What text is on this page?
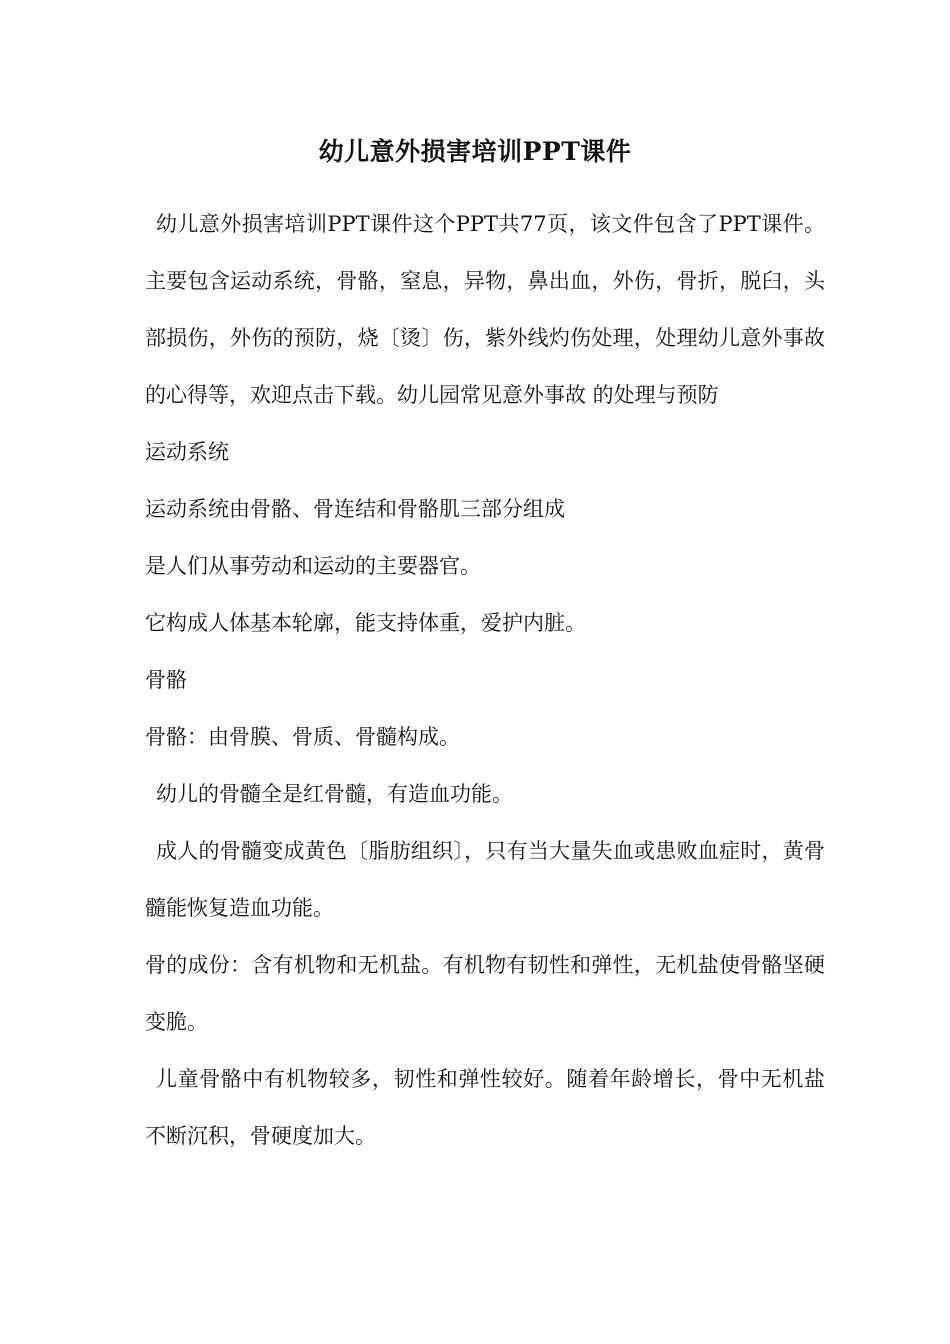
幼儿意外损害培训PPT课件

幼儿意外损害培训PPT课件这个PPT共77页，该文件包含了PPT课件。主要包含运动系统，骨骼，窒息，异物，鼻出血，外伤，骨折，脱臼，头部损伤，外伤的预防，烧〔烫〕伤，紫外线灼伤处理，处理幼儿意外事故的心得等，欢迎点击下载。幼儿园常见意外事故 的处理与预防

运动系统

运动系统由骨骼、骨连结和骨骼肌三部分组成

是人们从事劳动和运动的主要器官。

它构成人体基本轮廓，能支持体重，爱护内脏。

骨骼

骨骼：由骨膜、骨质、骨髓构成。

幼儿的骨髓全是红骨髓，有造血功能。

成人的骨髓变成黄色〔脂肪组织〕，只有当大量失血或患败血症时，黄骨髓能恢复造血功能。

骨的成份：含有机物和无机盐。有机物有韧性和弹性，无机盐使骨骼坚硬变脆。

儿童骨骼中有机物较多，韧性和弹性较好。随着年龄增长，骨中无机盐不断沉积，骨硬度加大。
